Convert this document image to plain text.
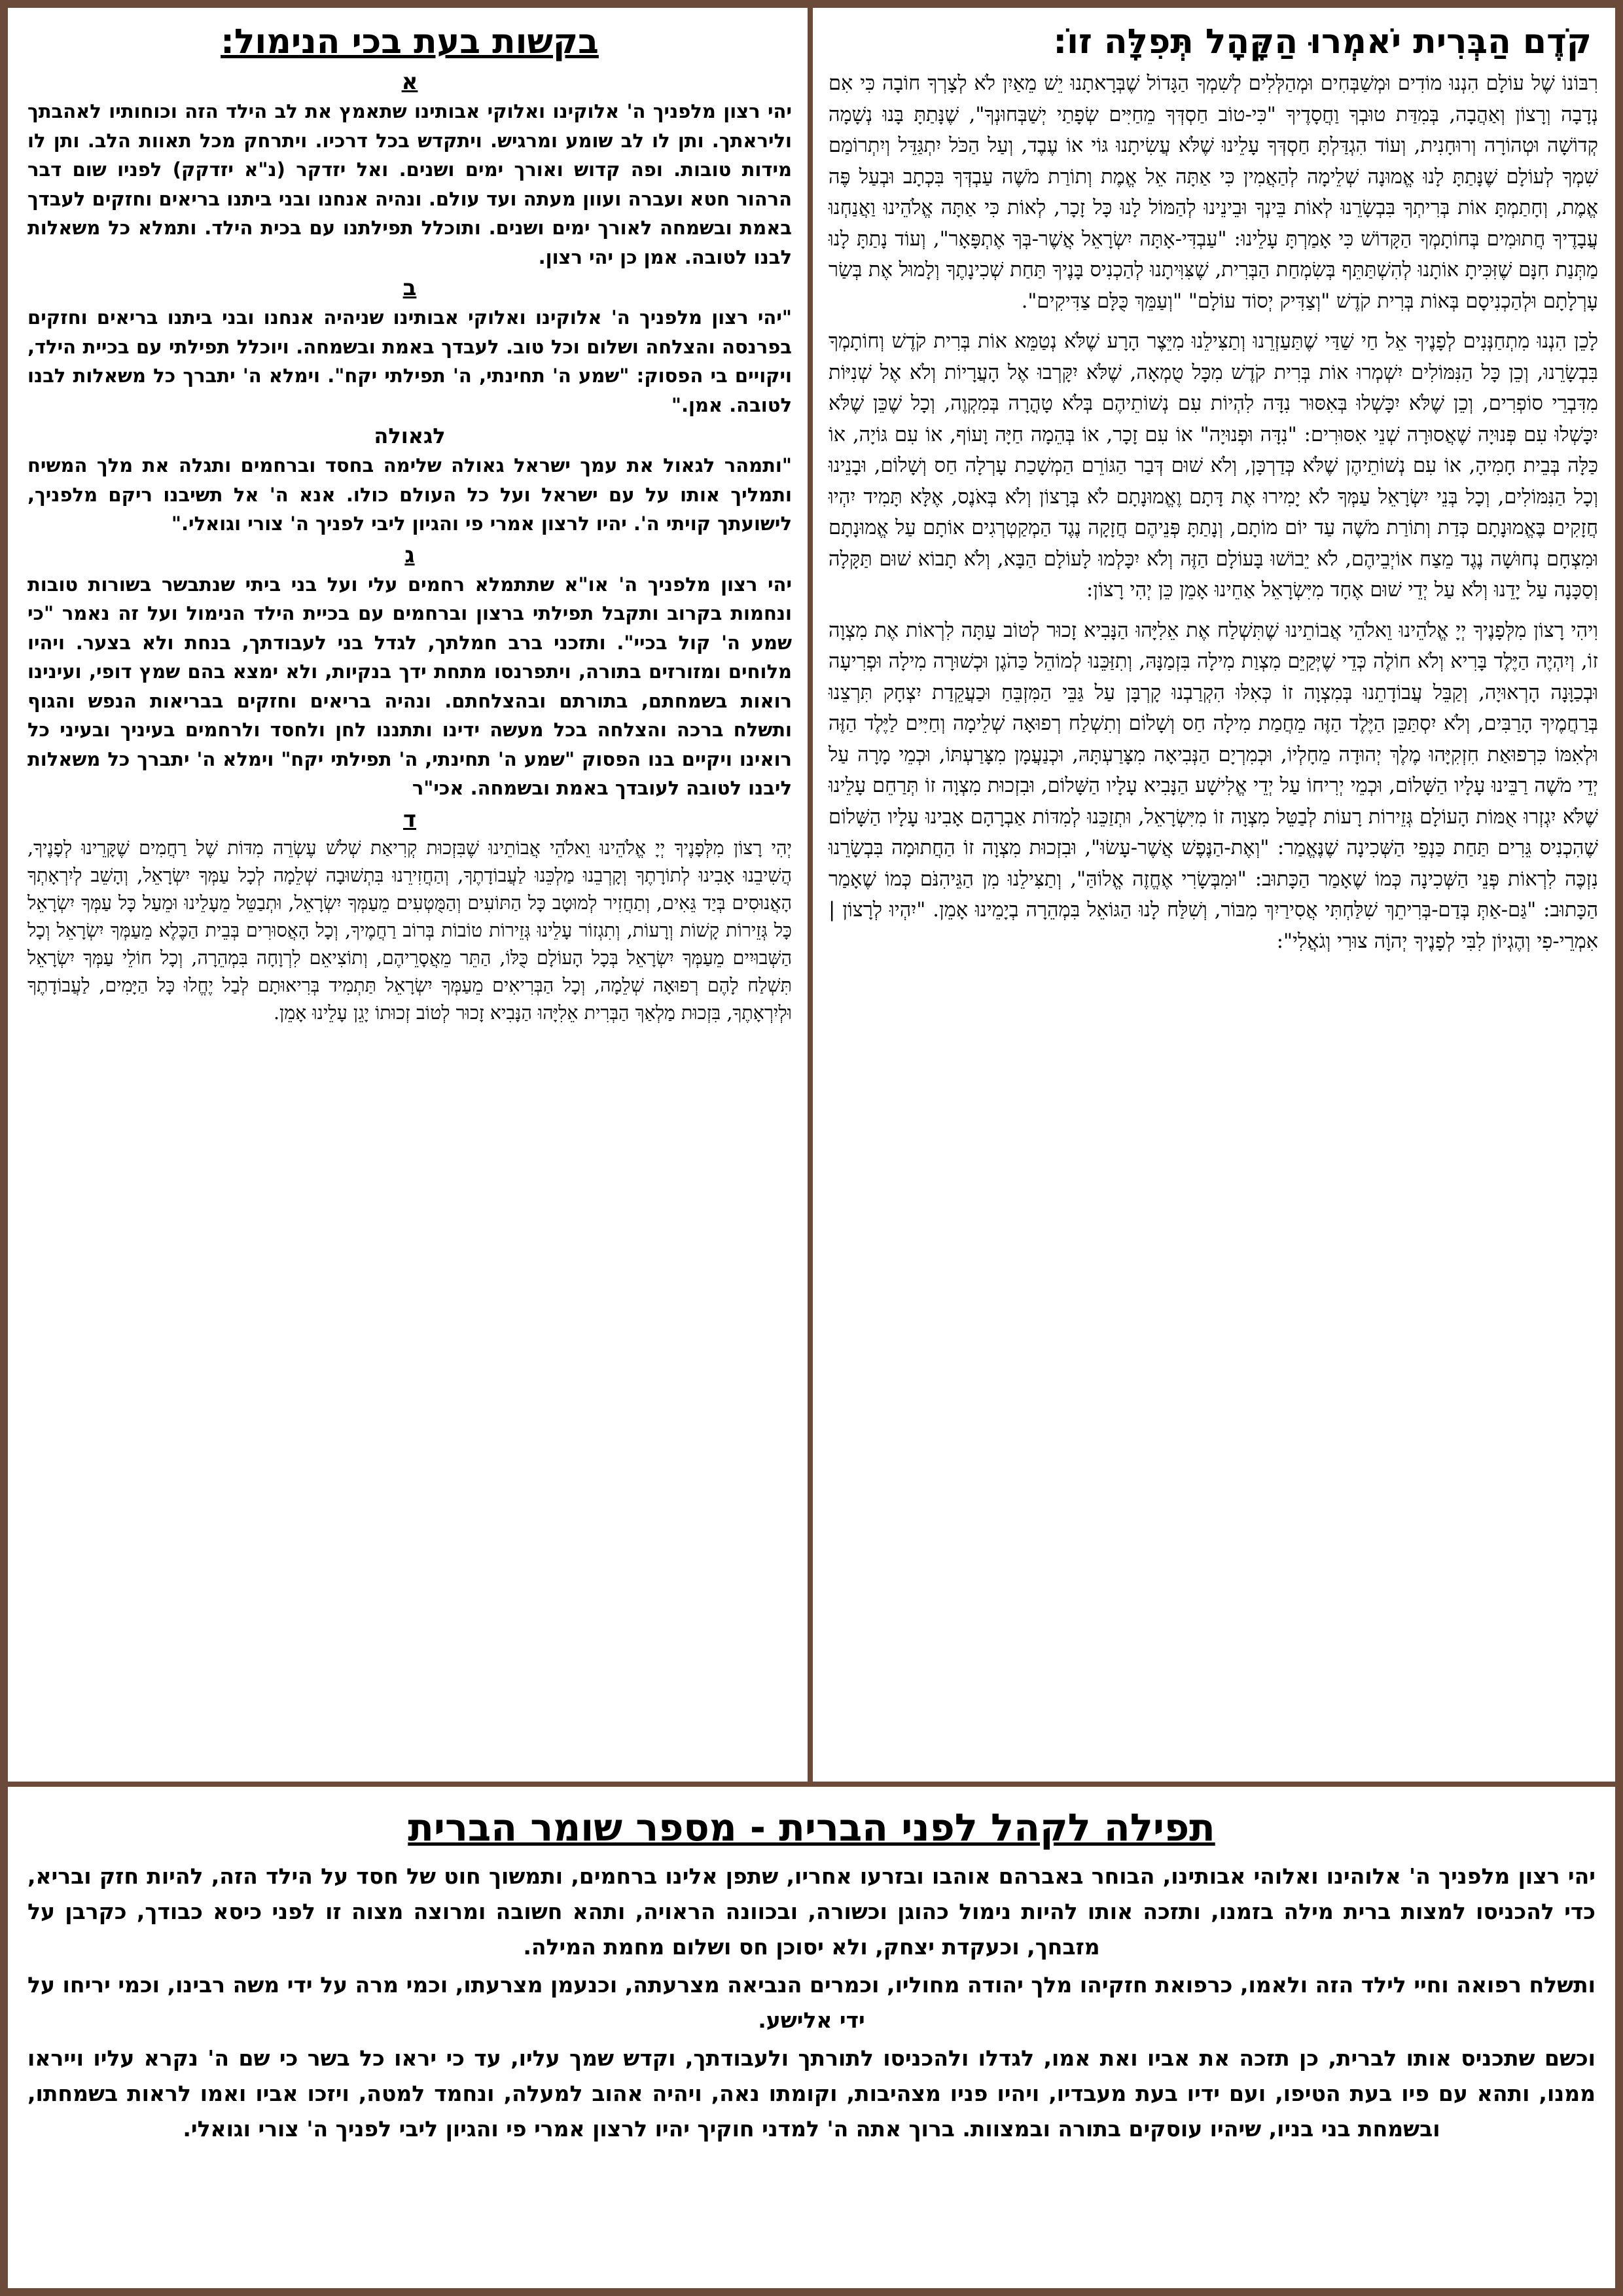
קֹדֶם הַבְּרִית יֹאמְרוּ הַקָּהָל תְּפִלָּה זוֹ:

רִבּוֹנוֹ שֶׁל עוֹלָם הִנְנוּ מוֹדִים וּמְשַׁבְּחִים וּמְהַלְּלִים לְשִׁמְךָ הַגָּדוֹל שֶׁבְּרָאתָנוּ יֵשׁ מֵאַיִן לֹא לְצָרְךָ חוֹבָה כִּי אִם נְדָבָה וְרָצוֹן וְאַהֲבָה, בְּמִדַּת טוּבְךָ וַחֲסָדֶיךָ "כִּי-טוֹב חַסְדְּךָ מֵחַיִּים שְׂפָתַי יְשַׁבְּחוּנְךָ", שֶׁנָּתַתָּ בָּנוּ נְשָׁמָה קְדוֹשָׁה וּטְהוֹרָה וְרוּחָנִית, וְעוֹד הִגְדַּלְתָּ חַסְדְּךָ עָלֵינוּ שֶׁלֹּא עֲשִׂיתָנוּ גּוֹי אוֹ עֶבֶד, וְעַל הַכֹּל יִתְגַּדֵּל וְיִתְרוֹמַם שִׁמְךָ לְעוֹלָם שֶׁנָּתַתָּ לָנוּ אֱמוּנָה שְׁלֵימָה לְהַאֲמִין כִּי אַתָּה אֵל אֱמֶת וְתוֹרַת מֹשֶׁה עַבְדְּךָ בִּכְתָב וּבְעַל פֶּה אֱמֶת, וְחָתַמְתָּ אוֹת בְּרִיתְךָ בִּבְשָׂרֵנוּ לְאוֹת בֵּינְךָ וּבֵינֵינוּ לְהַמּוֹל לָנוּ כָּל זָכָר, לְאוֹת כִּי אַתָּה אֱלֹהֵינוּ וַאֲנַחְנוּ עֲבָדֶיךָ חֲתוּמִים בְּחוֹתָמְךָ הַקָּדוֹשׁ כִּי אָמַרְתָּ עָלֵינוּ: "עַבְדִּי-אָתָּה יִשְׂרָאֵל אֲשֶׁר-בְּךָ אֶתְפָּאָר", וְעוֹד נָתַתָּ לָנוּ מַתְּנַת חִנָּם שֶׁזִּכִּיתָ אוֹתָנוּ לְהִשְׁתַּתֵּף בְּשִׂמְחַת הַבְּרִית, שֶׁצִּוִּיתָנוּ לְהַכְנִיס בָּנֶיךָ תַּחַת שְׁכִינָתֶךָ וְלָמוּל אֶת בְּשַׂר עָרְלָתָם וּלְהַכְנִיסָם בְּאוֹת בְּרִית קֹדֶשׁ "וְצַדִּיק יְסוֹד עוֹלָם" "וְעַמֵּךְ כֻּלָּם צַדִּיקִים".

לָכֵן הִנְנוּ מִתְחַנְּנִים לְפָנֶיךָ אֵל חַי שַׁדַּי שֶׁתַּעַזְרֵנוּ וְתַצִּילֵנוּ מִיֵּצֶר הָרָע שֶׁלֹּא נְטַמֵּא אוֹת בְּרִית קֹדֶשׁ וְחוֹתָמְךָ בִּבְשָׂרֵנוּ, וְכֵן כָּל הַנִּמּוֹלִים יִשְׁמְרוּ אוֹת בְּרִית קֹדֶשׁ מִכָּל טֻמְאָה, שֶׁלֹּא יִקָּרְבוּ אֶל הָעֲרָיוֹת וְלֹא אֶל שְׁנִיּוֹת מִדִּבְרֵי סוֹפְרִים, וְכֵן שֶׁלֹּא יִכָּשְׁלוּ בְּאִסּוּר נִדָּה לִהְיוֹת עִם נְשׁוֹתֵיהֶם בְּלֹא טָהֳרָה בְּמִקְוֶה, וְכָל שֶׁכֵּן שֶׁלֹּא יִכָּשְׁלוּ עִם פְּנוּיָה שֶׁאֲסוּרָה שְׁנֵי אִסּוּרִים: "נִדָּה וּפְנוּיָה" אוֹ עִם זָכָר, אוֹ בְּהֵמָה חַיָּה וָעוֹף, אוֹ עִם גּוֹיָה, אוֹ כַּלָּה בְּבֵית חָמִיהָ, אוֹ עִם נְשׁוֹתֵיהֶן שֶׁלֹּא כְּדַרְכָּן, וְלֹא שׁוּם דְּבַר הַגּוֹרֵם הַמְשָׁכַת עָרְלָה חַס וְשָׁלוֹם, וּבָנֵינוּ וְכָל הַנִּמּוֹלִים, וְכָל בְּנֵי יִשְׂרָאֵל עַמְּךָ לֹא יָמִירוּ אֶת דָּתָם וֶאֱמוּנָתָם לֹא בְּרָצוֹן וְלֹא בְּאֹנֶס, אֶלָּא תָּמִיד יִהְיוּ חֲזָקִים בֶּאֱמוּנָתָם כְּדַת וְתוֹרַת מֹשֶׁה עַד יוֹם מוֹתָם, וְנָתַתָּ פְּנֵיהֶם חֲזָקָה נֶגֶד הַמְקַטְרְגִים אוֹתָם עַל אֱמוּנָתָם וּמִצְחָם נְחוּשָׁה נֶגֶד מֵצַח אוֹיְבֵיהֶם, לֹא יֵבוֹשׁוּ בָּעוֹלָם הַזֶּה וְלֹא יִכָּלְמוּ לָעוֹלָם הַבָּא, וְלֹא תָבוֹא שׁוּם תַּקָּלָה וְסַכָּנָה עַל יָדֵנוּ וְלֹא עַל יְדֵי שׁוּם אֶחָד מִיִּשְׂרָאֵל אַחֵינוּ אָמֵן כֵּן יְהִי רָצוֹן:

וִיהִי רָצוֹן מִלְּפָנֶיךָ יְיָ אֱלֹהֵינוּ וֵאלֹהֵי אֲבוֹתֵינוּ שֶׁתִּשְׁלַח אֶת אֵלִיָּהוּ הַנָּבִיא זָכוּר לְטוֹב עַתָּה לִרְאוֹת אֶת מִצְוָה זוֹ, וְיִהְיֶה הַיֶּלֶד בָּרִיא וְלֹא חוֹלֶה כְּדֵי שֶׁיְּקַיֵּם מִצְוַת מִילָה בִּזְמַנָּהּ, וְתִזַּכֵּנוּ לְמוֹהֵל כַּהֹגֶן וּכְשׁוּרָה מִילָה וּפְרִיעָה וּבְכַוָּנָה הָרְאוּיָה, וְקַבֵּל עֲבוֹדָתֵנוּ בְּמִצְוָה זוֹ כְּאִלּוּ הִקְרַבְנוּ קָרְבָּן עַל גַּבֵּי הַמִּזְבֵּחַ וּכַעֲקֵדַת יִצְחָק תִּרְצֵנוּ בְּרַחֲמֶיךָ הָרַבִּים, וְלֹא יִסְתַּכֵּן הַיֶּלֶד הַזֶּה מֵחֲמַת מִילָה חַס וְשָׁלוֹם וְתִשְׁלַח רְפוּאָה שְׁלֵימָה וְחַיִּים לַיֶּלֶד הַזֶּה וּלְאִמּוֹ כִּרְפוּאַת חִזְקִיָּהוּ מֶלֶךְ יְהוּדָה מֵחָלְיוֹ, וּכְמִרְיָם הַנְּבִיאָה מִצָּרַעְתָּהּ, וּכְנַעֲמָן מִצָּרַעְתּוֹ, וּכְמֵי מָרָה עַל יְדֵי מֹשֶׁה רַבֵּינוּ עָלָיו הַשָּׁלוֹם, וּכְמֵי יְרִיחוֹ עַל יְדֵי אֱלִישָׁע הַנָּבִיא עָלָיו הַשָּׁלוֹם, וּבִזְכוּת מִצְוָה זוֹ תְּרַחֵם עָלֵינוּ שֶׁלֹּא יִגְזְרוּ אֻמּוֹת הָעוֹלָם גְּזֵירוֹת רָעוֹת לְבַטֵּל מִצְוָה זוֹ מִיִּשְׂרָאֵל, וּתְזַכֵּנוּ לְמִדּוֹת אַבְרָהָם אָבִינוּ עָלָיו הַשָּׁלוֹם שֶׁהִכְנִיס גֵּרִים תַּחַת כַּנְפֵי הַשְּׁכִינָה שֶׁנֶּאֱמַר: "וְאֶת-הַנֶּפֶשׁ אֲשֶׁר-עָשׂוּ", וּבִזְכוּת מִצְוָה זוֹ הַחֲתוּמָה בִּבְשָׂרֵנוּ נִזְכֶּה לִרְאוֹת פְּנֵי הַשְּׁכִינָה כְּמוֹ שֶׁאָמַר הַכָּתוּב: "וּמִבְּשָׂרִי אֶחֱזֶה אֱלוֹהַּ", וְתַצִּילֵנוּ מִן הַגֵּיהִנֹּם כְּמוֹ שֶׁאָמַר הַכָּתוּב: "גַּם-אַתְּ בְּדַם-בְּרִיתֵךְ שִׁלַּחְתִּי אֲסִירַיִךְ מִבּוֹר, וְשִׁלַּח לָנוּ הַגּוֹאֵל בִּמְהֵרָה בְיָמֵינוּ אָמֵן. "יִהְיוּ לְרָצוֹן | אִמְרֵי-פִי וְהֶגְיוֹן לִבִּי לְפָנֶיךָ יְהוָֹה צוּרִי וְגֹאֲלִי":

בקשות בעת בכי הנימול:
א

יהי רצון מלפניך ה' אלוקינו ואלוקי אבותינו שתאמץ את לב הילד הזה וכוחותיו לאהבתך וליראתך. ותן לו לב שומע ומרגיש. ויתקדש בכל דרכיו. ויתרחק מכל תאוות הלב. ותן לו מידות טובות. ופה קדוש ואורך ימים ושנים. ואל יזדקר (נ"א יזדקק) לפניו שום דבר הרהור חטא ועברה ועוון מעתה ועד עולם. ונהיה אנחנו ובני ביתנו בריאים וחזקים לעבדך באמת ובשמחה לאורך ימים ושנים. ותוכלל תפילתנו עם בכית הילד. ותמלא כל משאלות לבנו לטובה. אמן כן יהי רצון.

ב

"יהי רצון מלפניך ה' אלוקינו ואלוקי אבותינו שניהיה אנחנו ובני ביתנו בריאים וחזקים בפרנסה והצלחה ושלום וכל טוב. לעבדך באמת ובשמחה. ויוכלל תפילתי עם בכיית הילד, ויקויים בי הפסוק: "שמע ה' תחינתי, ה' תפילתי יקח". וימלא ה' יתברך כל משאלות לבנו לטובה. אמן."

לגאולה

"ותמהר לגאול את עמך ישראל גאולה שלימה בחסד וברחמים ותגלה את מלך המשיח ותמליך אותו על עם ישראל ועל כל העולם כולו. אנא ה' אל תשיבנו ריקם מלפניך, לישועתך קויתי ה'. יהיו לרצון אמרי פי והגיון ליבי לפניך ה' צורי וגואלי."

ג

יהי רצון מלפניך ה' או"א שתתמלא רחמים עלי ועל בני ביתי שנתבשר בשורות טובות ונחמות בקרוב ותקבל תפילתי ברצון וברחמים עם בכיית הילד הנימול ועל זה נאמר "כי שמע ה' קול בכיי". ותזכני ברב חמלתך, לגדל בני לעבודתך, בנחת ולא בצער. ויהיו מלוחים ומזורזים בתורה, ויתפרנסו מתחת ידך בנקיות, ולא ימצא בהם שמץ דופי, ועינינו רואות בשמחתם, בתורתם ובהצלחתם. ונהיה בריאים וחזקים בבריאות הנפש והגוף ותשלח ברכה והצלחה בכל מעשה ידינו ותתננו לחן ולחסד ולרחמים בעיניך ובעיני כל רואינו ויקיים בנו הפסוק "שמע ה' תחינתי, ה' תפילתי יקח" וימלא ה' יתברך כל משאלות ליבנו לטובה לעובדך באמת ובשמחה. אכי"ר

ד

יְהִי רָצוֹן מִלְּפָנֶיךָ יְיָ אֱלֹהֵינוּ וֵאלֹהֵי אֲבוֹתֵינוּ שֶׁבִּזְכוּת קְרִיאַת שְׁלֹשׁ עֶשְׂרֵה מִדּוֹת שֶׁל רַחֲמִים שֶׁקָּרֵינוּ לְפָנֶיךָ, הֲשִׁיבֵנוּ אָבִינוּ לְתוֹרָתֶךָ וְקָרְבֵנוּ מַלְכֵּנוּ לַעֲבוֹדָתֶךָ, וְהַחֲזִירֵנוּ בִּתְשׁוּבָה שְׁלֵמָה לְכָל עַמְּךָ יִשְׂרָאֵל, וְהָשֵׁב לְיִרְאָתְךָ הָאֲנוּסִים בְּיַד גֵּאִים, וְתַחֲזִיר לְמוּטָב כָּל הַתּוֹעִים וְהַמֻּטְעִים מֵעַמְּךָ יִשְׂרָאֵל, וּתְבַטֵּל מֵעָלֵינוּ וּמֵעַל כָּל עַמְּךָ יִשְׂרָאֵל כָּל גְּזֵירוֹת קָשׁוֹת וְרָעוֹת, וְתִגְזוֹר עָלֵינוּ גְּזֵירוֹת טוֹבוֹת בְּרוֹב רַחֲמֶיךָ, וְכָל הָאֲסוּרִים בְּבֵית הַכֶּלֶא מֵעַמְּךָ יִשְׂרָאֵל וְכָל הַשְּׁבוּיִים מֵעַמְּךָ יִשְׂרָאֵל בְּכָל הָעוֹלָם כֻּלּוֹ, הַתֵּר מֵאֲסָרֵיהֶם, וְתוֹצִיאֵם לִרְוָחָה בִּמְהֵרָה, וְכָל חוֹלֵי עַמְּךָ יִשְׂרָאֵל תִּשְׁלַח לָהֶם רְפוּאָה שְׁלֵמָה, וְכָל הַבְּרִיאִים מֵעַמְּךָ יִשְׂרָאֵל תַּתְמִיד בְּרִיאוּתָם לְבַל יֶחֱלוּ כָּל הַיָּמִים, לַעֲבוֹדָתֶךָ וּלְיִרְאָתֶךָ, בִּזְכוּת מַלְאַךְ הַבְּרִית אֵלִיָּהוּ הַנָּבִיא זָכוּר לְטוֹב זְכוּתוֹ יָגֵן עָלֵינוּ אָמֵן.

תפילה לקהל לפני הברית - מספר שומר הברית

יהי רצון מלפניך ה' אלוהינו ואלוהי אבותינו, הבוחר באברהם אוהבו ובזרעו אחריו, שתפן אלינו ברחמים, ותמשוך חוט של חסד על הילד הזה, להיות חזק ובריא, כדי להכניסו למצות ברית מילה בזמנו, ותזכה אותו להיות נימול כהוגן וכשורה, ובכוונה הראויה, ותהא חשובה ומרוצה מצוה זו לפני כיסא כבודך, כקרבן על מזבחך, וכעקדת יצחק, ולא יסוכן חס ושלום מחמת המילה.

ותשלח רפואה וחיי לילד הזה ולאמו, כרפואת חזקיהו מלך יהודה מחוליו, וכמרים הנביאה מצרעתה, וכנעמן מצרעתו, וכמי מרה על ידי משה רבינו, וכמי יריחו על ידי אלישע.

וכשם שתכניס אותו לברית, כן תזכה את אביו ואת אמו, לגדלו ולהכניסו לתורתך ולעבודתך, וקדש שמך עליו, עד כי יראו כל בשר כי שם ה' נקרא עליו וייראו ממנו, ותהא עם פיו בעת הטיפו, ועם ידיו בעת מעבדיו, ויהיו פניו מצהיבות, וקומתו נאה, ויהיה אהוב למעלה, ונחמד למטה, ויזכו אביו ואמו לראות בשמחתו, ובשמחת בני בניו, שיהיו עוסקים בתורה ובמצוות. ברוך אתה ה' למדני חוקיך יהיו לרצון אמרי פי והגיון ליבי לפניך ה' צורי וגואלי.
